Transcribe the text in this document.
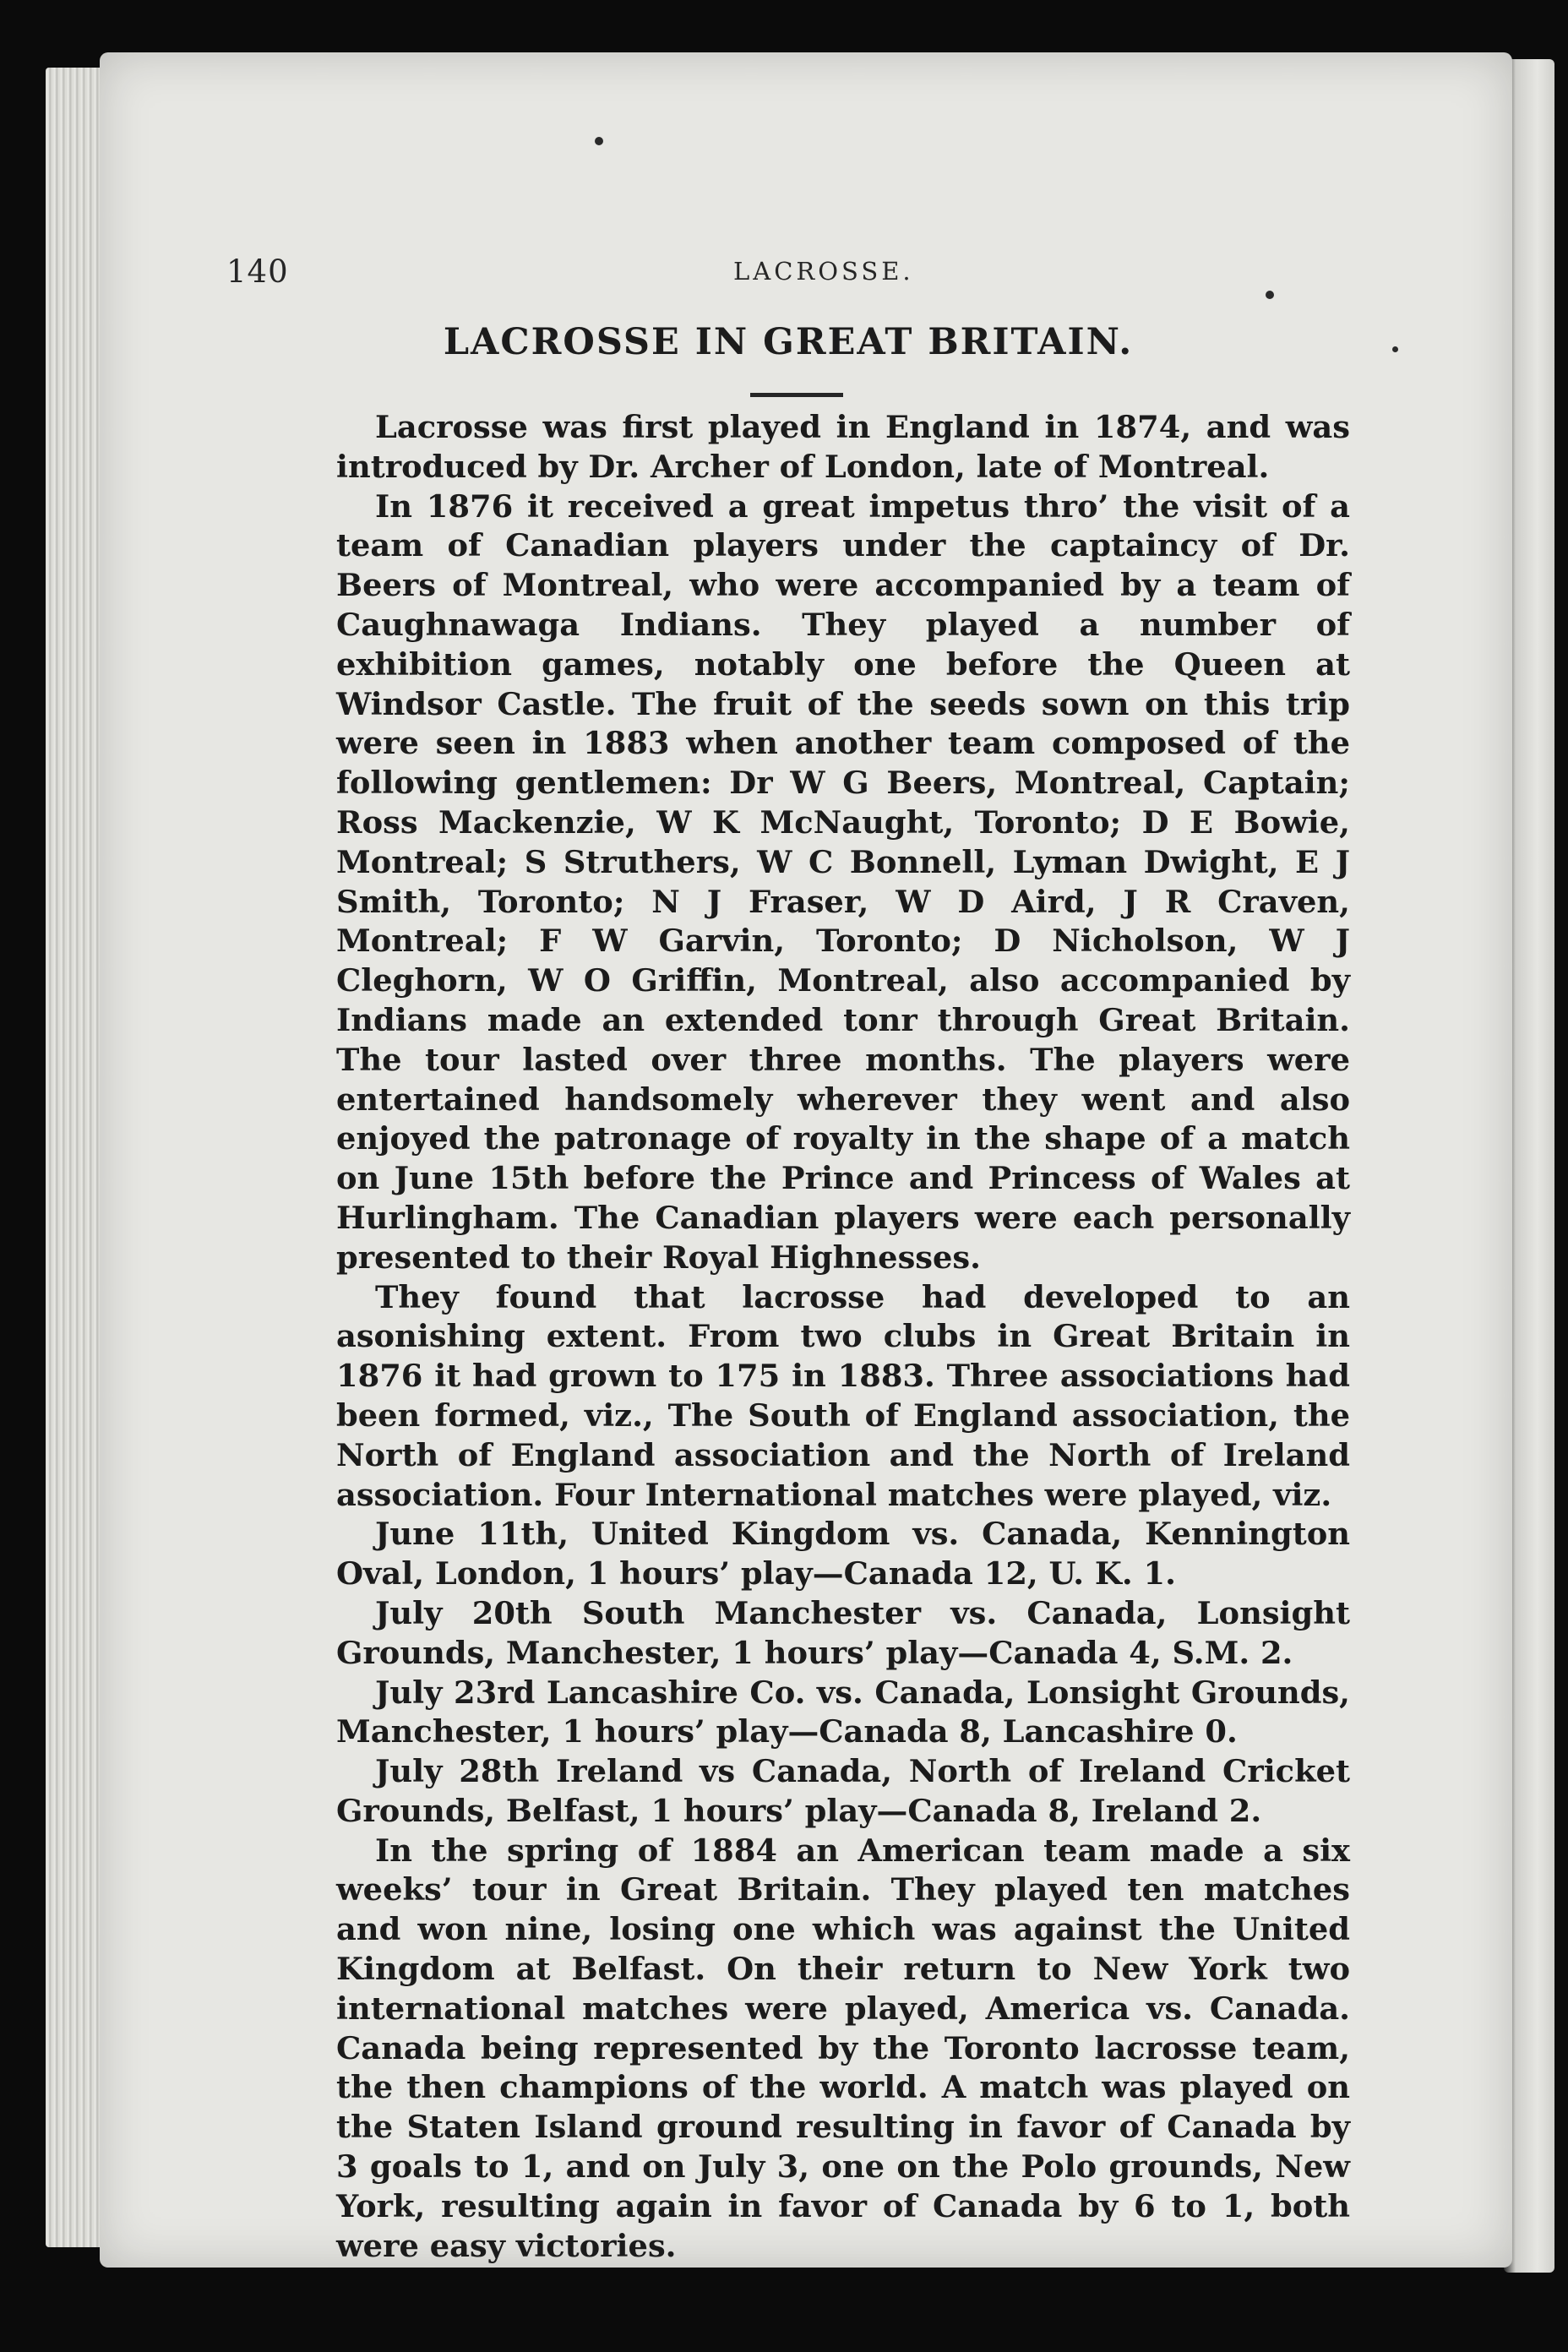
140	LACROSSE.
LACROSSE IN GREAT BRITAIN.

Lacrosse was first played in England in 1874, and was introduced by Dr. Archer of London, late of Montreal.

In 1876 it received a great impetus thro’ the visit of a team of Canadian players under the captaincy of Dr. Beers of Montreal, who were accompanied by a team of Caughnawaga Indians. They played a number of exhibition games, notably one before the Queen at Windsor Castle. The fruit of the seeds sown on this trip were seen in 1883 when another team composed of the following gentlemen: Dr W G Beers, Montreal, Captain; Ross Mackenzie, W K McNaught, Toronto; D E Bowie, Montreal; S Struthers, W C Bonnell, Lyman Dwight, E J Smith, Toronto; N J Fraser, W D Aird, J R Craven, Montreal; F W Garvin, Toronto; D Nicholson, W J Cleghorn, W O Griffin, Montreal, also accompanied by Indians made an extended tonr through Great Britain. The tour lasted over three months. The players were entertained handsomely wherever they went and also enjoyed the patronage of royalty in the shape of a match on June 15th before the Prince and Princess of Wales at Hurlingham. The Canadian players were each personally presented to their Royal Highnesses.

They found that lacrosse had developed to an asonishing extent. From two clubs in Great Britain in 1876 it had grown to 175 in 1883. Three associations had been formed, viz., The South of England association, the North of England association and the North of Ireland association. Four International matches were played, viz.

June 11th, United Kingdom vs. Canada, Kennington Oval, London, 1 hours’ play—Canada 12, U. K. 1.

July 20th South Manchester vs. Canada, Lonsight Grounds, Manchester, 1 hours’ play—Canada 4, S.M. 2.

July 23rd Lancashire Co. vs. Canada, Lonsight Grounds, Manchester, 1 hours’ play—Canada 8, Lancashire 0.

July 28th Ireland vs Canada, North of Ireland Cricket Grounds, Belfast, 1 hours’ play—Canada 8, Ireland 2.

In the spring of 1884 an American team made a six weeks’ tour in Great Britain. They played ten matches and won nine, losing one which was against the United Kingdom at Belfast. On their return to New York two international matches were played, America vs. Canada. Canada being represented by the Toronto lacrosse team, the then champions of the world. A match was played on the Staten Island ground resulting in favor of Canada by 3 goals to 1, and on July 3, one on the Polo grounds, New York, resulting again in favor of Canada by 6 to 1, both were easy victories.
